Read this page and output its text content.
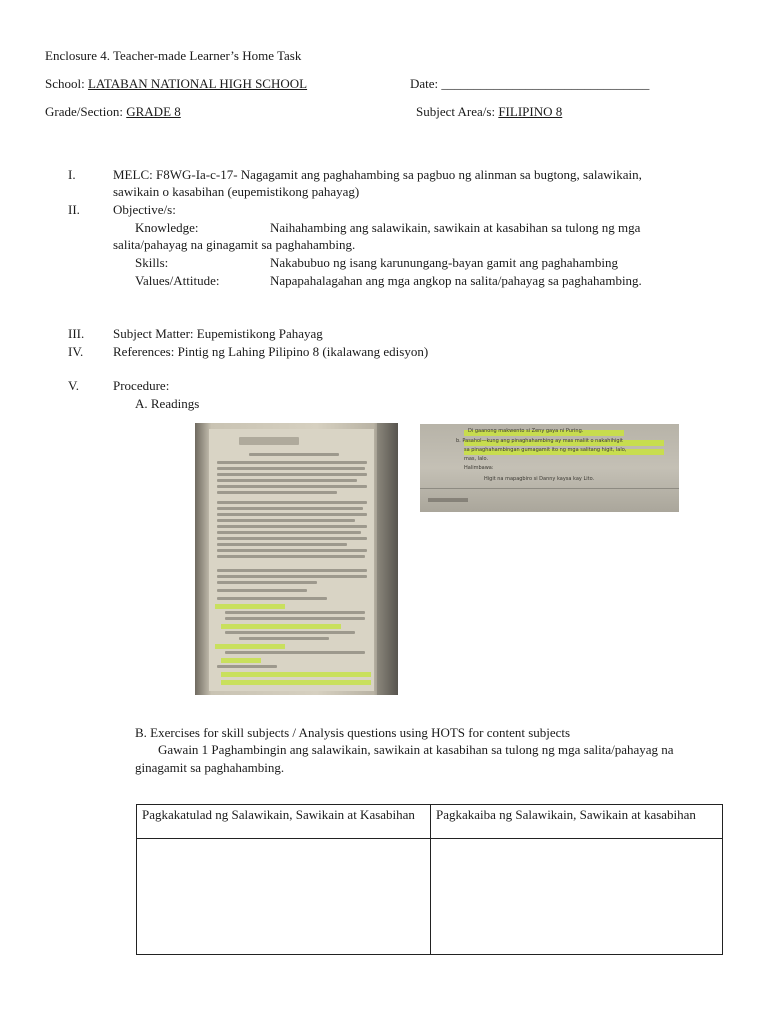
Enclosure 4. Teacher-made Learner’s Home Task
School: LATABAN NATIONAL HIGH SCHOOL	Date: ________________________________
Grade/Section: GRADE 8	Subject Area/s: FILIPINO 8
I.	MELC: F8WG-Ia-c-17- Nagagamit ang paghahambing sa pagbuo ng alinman sa bugtong, salawikain,
sawikain o kasabihan (eupemistikong pahayag)
II.	Objective/s:
Knowledge:	Naihahambing ang salawikain, sawikain at kasabihan sa tulong ng mga
salita/pahayag na ginagamit sa paghahambing.
Skills:	Nakabubuo ng isang karunungang-bayan gamit ang paghahambing
Values/Attitude:	Napapahalagahan ang mga angkop na salita/pahayag sa paghahambing.
III.	Subject Matter: Eupemistikong Pahayag
IV.	References: Pintig ng Lahing Pilipino 8 (ikalawang edisyon)
V.	Procedure:
A. Readings
Di gaanong makwento si Zeny gaya ni Puring.
b. Pasahol—kung ang pinaghahambing ay mas maliit o nakahihigit
sa pinaghahambingan gumagamit ito ng mga salitang higit, lalo,
mas, lalo.
Halimbawa:
Higit na mapagbiro si Danny kaysa kay Lito.
B. Exercises for skill subjects / Analysis questions using HOTS for content subjects
Gawain 1 Paghambingin ang salawikain, sawikain at kasabihan sa tulong ng mga salita/pahayag na
ginagamit sa paghahambing.
Pagkakatulad ng Salawikain, Sawikain at Kasabihan	Pagkakaiba ng Salawikain, Sawikain at kasabihan
